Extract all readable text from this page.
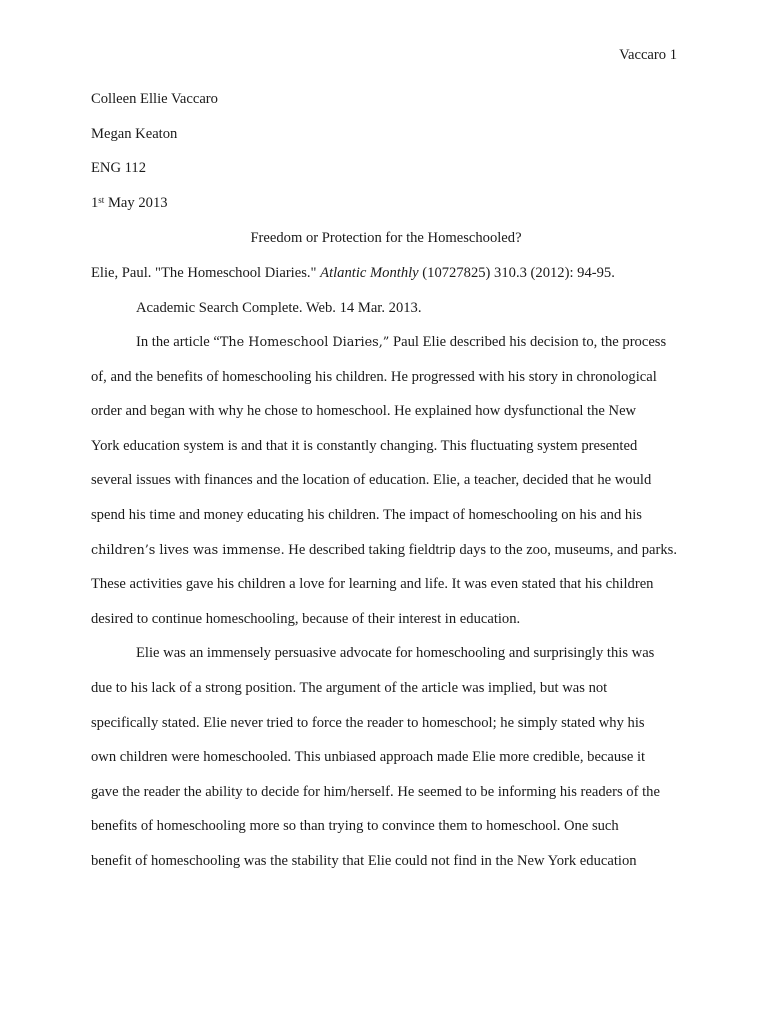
Vaccaro 1
Colleen Ellie Vaccaro
Megan Keaton
ENG 112
1st May 2013
Freedom or Protection for the Homeschooled?
Elie, Paul. "The Homeschool Diaries." Atlantic Monthly (10727825) 310.3 (2012): 94-95.
Academic Search Complete. Web. 14 Mar. 2013.
In the article “The Homeschool Diaries,” Paul Elie described his decision to, the process
of, and the benefits of homeschooling his children. He progressed with his story in chronological
order and began with why he chose to homeschool. He explained how dysfunctional the New
York education system is and that it is constantly changing. This fluctuating system presented
several issues with finances and the location of education. Elie, a teacher, decided that he would
spend his time and money educating his children. The impact of homeschooling on his and his
children’s lives was immense. He described taking fieldtrip days to the zoo, museums, and parks.
These activities gave his children a love for learning and life. It was even stated that his children
desired to continue homeschooling, because of their interest in education.
Elie was an immensely persuasive advocate for homeschooling and surprisingly this was
due to his lack of a strong position. The argument of the article was implied, but was not
specifically stated. Elie never tried to force the reader to homeschool; he simply stated why his
own children were homeschooled. This unbiased approach made Elie more credible, because it
gave the reader the ability to decide for him/herself. He seemed to be informing his readers of the
benefits of homeschooling more so than trying to convince them to homeschool. One such
benefit of homeschooling was the stability that Elie could not find in the New York education
